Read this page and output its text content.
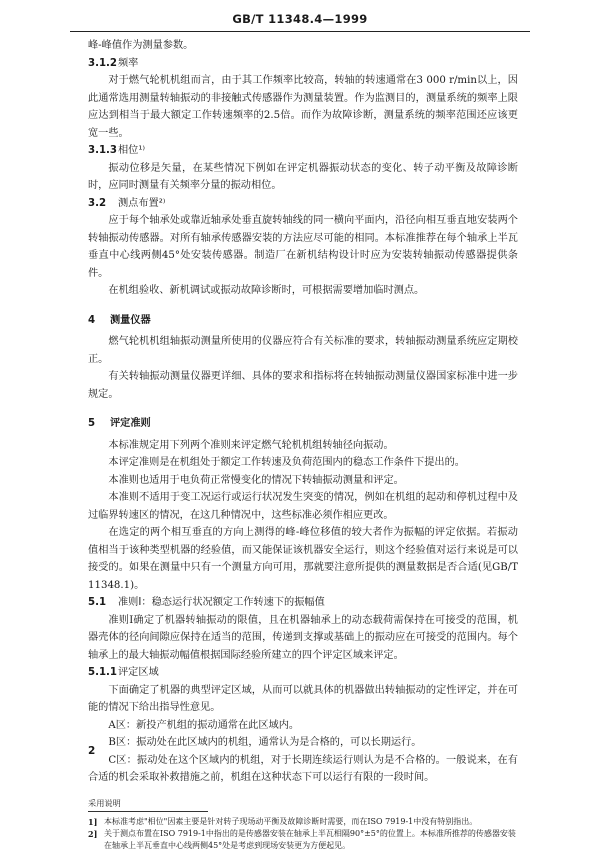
GB/T 11348.4—1999

峰-峰值作为测量参数。

3.1.2 频率

对于燃气轮机机组而言，由于其工作频率比较高，转轴的转速通常在3 000 r/min以上，因此通常选用测量转轴振动的非接触式传感器作为测量装置。作为监测目的，测量系统的频率上限应达到相当于最大额定工作转速频率的2.5倍。而作为故障诊断，测量系统的频率范围还应该更宽一些。

3.1.3 相位¹⁾

振动位移是矢量，在某些情况下例如在评定机器振动状态的变化、转子动平衡及故障诊断时，应同时测量有关频率分量的振动相位。

3.2	测点布置²⁾

应于每个轴承处或靠近轴承处垂直旋转轴线的同一横向平面内，沿径向相互垂直地安装两个转轴振动传感器。对所有轴承传感器安装的方法应尽可能的相同。本标准推荐在每个轴承上半瓦垂直中心线两侧45°处安装传感器。制造厂在新机结构设计时应为安装转轴振动传感器提供条件。

在机组验收、新机调试或振动故障诊断时，可根据需要增加临时测点。

4	测量仪器

燃气轮机机组轴振动测量所使用的仪器应符合有关标准的要求，转轴振动测量系统应定期校正。

有关转轴振动测量仪器更详细、具体的要求和指标将在转轴振动测量仪器国家标准中进一步规定。

5	评定准则

本标准规定用下列两个准则来评定燃气轮机机组转轴径向振动。

本评定准则是在机组处于额定工作转速及负荷范围内的稳态工作条件下提出的。

本准则也适用于电负荷正常慢变化的情况下转轴振动测量和评定。

本准则不适用于变工况运行或运行状况发生突变的情况，例如在机组的起动和停机过程中及过临界转速区的情况，在这几种情况中，这些标准必须作相应更改。

在选定的两个相互垂直的方向上测得的峰-峰位移值的较大者作为振幅的评定依据。若振动值相当于该种类型机器的经验值，而又能保证该机器安全运行，则这个经验值对运行来说是可以接受的。如果在测量中只有一个测量方向可用，那就要注意所提供的测量数据是否合适(见GB/T 11348.1)。

5.1	准则Ⅰ：稳态运行状况额定工作转速下的振幅值

准则Ⅰ确定了机器转轴振动的限值，且在机器轴承上的动态载荷需保持在可接受的范围，机器壳体的径向间隙应保持在适当的范围，传递到支撑或基础上的振动应在可接受的范围内。每个轴承上的最大轴振动幅值根据国际经验所建立的四个评定区域来评定。

5.1.1 评定区域

下面确定了机器的典型评定区域，从而可以就具体的机器做出转轴振动的定性评定，并在可能的情况下给出指导性意见。

A区：新投产机组的振动通常在此区域内。

B区：振动处在此区域内的机组，通常认为是合格的，可以长期运行。

C区：振动处在这个区域内的机组，对于长期连续运行则认为是不合格的。一般说来，在有合适的机会采取补救措施之前，机组在这种状态下可以运行有限的一段时间。

采用说明
1] 本标准考虑"相位"因素主要是针对转子现场动平衡及故障诊断时需要，而在ISO 7919-1中没有特别指出。
2] 关于测点布置在ISO 7919-1中指出的是传感器安装在轴承上半瓦相隔90°±5°的位置上。本标准所推荐的传感器安装在轴承上半瓦垂直中心线两侧45°处是考虑到现场安装更为方便起见。
2
